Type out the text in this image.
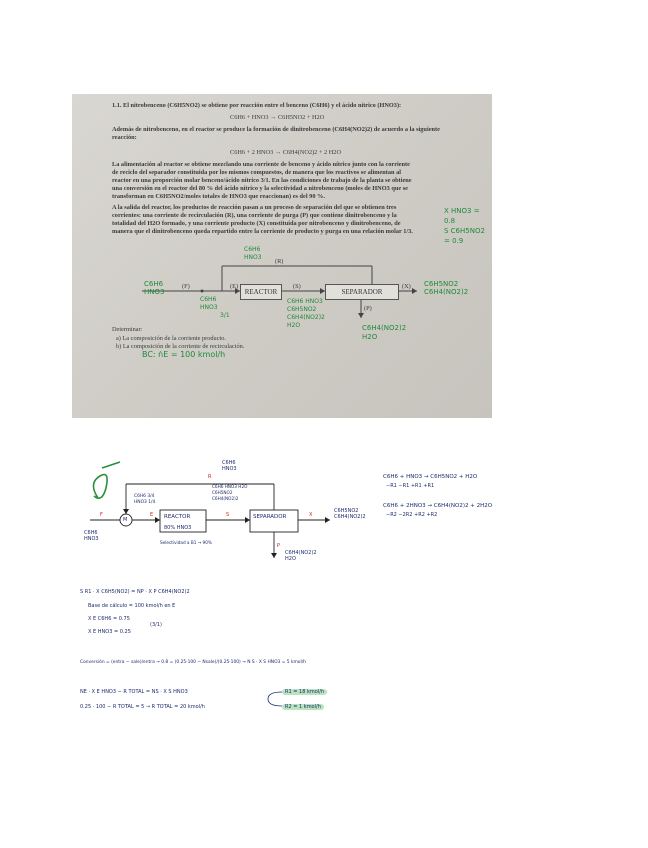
1.1. El nitrobenceno (C6H5NO2) se obtiene por reacción entre el benceno (C6H6) y el ácido nítrico (HNO3):
C6H6 + HNO3 → C6H5NO2 + H2O
Además de nitrobenceno, en el reactor se produce la formación de dinitrobenceno (C6H4(NO2)2) de acuerdo a la siguiente reacción:
C6H6 + 2 HNO3 → C6H4(NO2)2 + 2 H2O
La alimentación al reactor se obtiene mezclando una corriente de benceno y ácido nítrico junto con la corriente
de reciclo del separador constituida por los mismos compuestos, de manera que los reactivos se alimentan al
reactor en una proporción molar benceno/ácido nítrico 3/1. En las condiciones de trabajo de la planta se obtiene
una conversión en el reactor del 80 % del ácido nítrico y la selectividad a nitrobenceno (moles de HNO3 que se
transforman en C6H5NO2/moles totales de HNO3 que reaccionan) es del 90 %.
A la salida del reactor, los productos de reacción pasan a un proceso de separación del que se obtienen tres
corrientes: una corriente de recirculación (R), una corriente de purga (P) que contiene dinitrobenceno y la
totalidad del H2O formado, y una corriente producto (X) constituida por nitrobenceno y dinitrobenceno, de
manera que el dinitrobenceno queda repartido entre la corriente de producto y purga en una relación molar 1/3.
REACTOR	SEPARADOR
(F)	(E)	(S)	(X)
(R)
(P)
Determinar:
a) La composición de la corriente producto.
b) La composición de la corriente de recirculación.
C6H6 HNO3
C6H6 HNO3
C6H6 HNO3
3/1
C6H6 HNO3 C6H5NO2 C6H4(NO2)2 H2O
C6H5NO2 C6H4(NO2)2
C6H4(NO2)2 H2O
X HNO3 = 0.8
S C6H5NO2 = 0.9
BC: ṅE = 100 kmol/h
F
M
E
R
S	X
P
REACTOR
80% HNO3
Selectividad a B1 → 90%
SEPARADOR
C6H6 HNO3
C6H6 HNO3
C6H6 3/4 HNO3 1/4
C6H6 HNO3 H2O C6H5NO2 C6H4(NO2)2
C6H5NO2 C6H4(NO2)2
C6H4(NO2)2 H2O
C6H6 + HNO3 → C6H5NO2 + H2O
−R1 −R1 +R1 +R1
C6H6 + 2HNO3 → C6H4(NO2)2 + 2H2O
−R2 −2R2 +R2 +R2
S R1 · X C6H5(NO2) = NP · X P C6H4(NO2)2
Base de cálculo = 100 kmol/h en E
X E C6H6 = 0.75
X E HNO3 = 0.25
(3/1)
Conversión = (entra − sale)/entra → 0.8 = (0.25·100 − Nsale)/(0.25·100) → N S · X S HNO3 = 5 kmol/h
NE · X E HNO3 − R TOTAL = NS · X S HNO3
0.25 · 100 − R TOTAL = 5 → R TOTAL = 20 kmol/h
R1 = 18 kmol/h
R2 = 1 kmol/h
